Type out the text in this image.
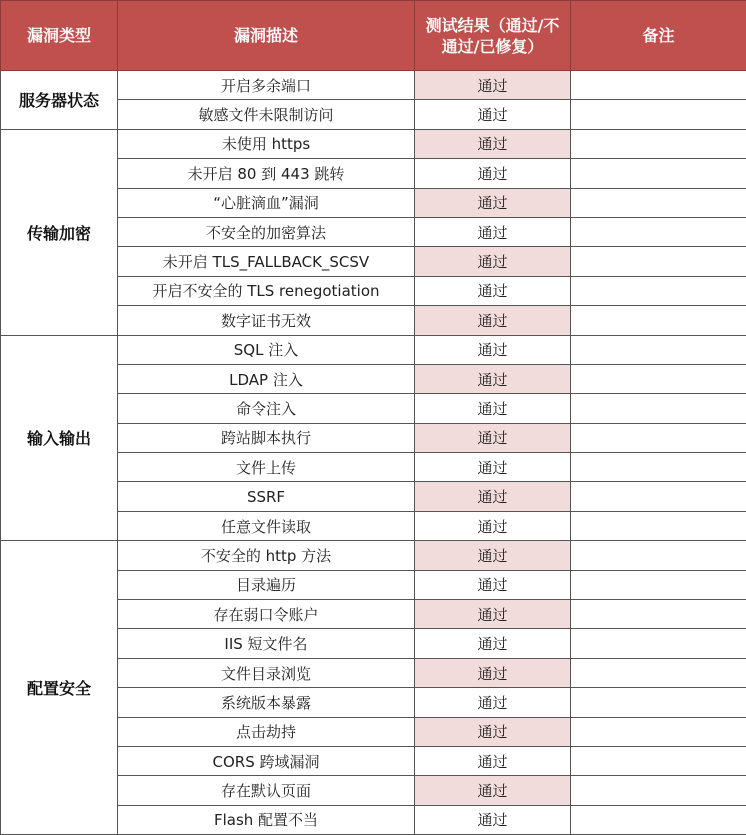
漏洞类型	漏洞描述	测试结果（通过/不通过/已修复）	备注
服务器状态	开启多余端口	通过	
	敏感文件未限制访问	通过	
传输加密	未使用 https	通过	
	未开启 80 到 443 跳转	通过	
	“心脏滴血”漏洞	通过	
	不安全的加密算法	通过	
	未开启 TLS_FALLBACK_SCSV	通过	
	开启不安全的 TLS renegotiation	通过	
	数字证书无效	通过	
输入输出	SQL 注入	通过	
	LDAP 注入	通过	
	命令注入	通过	
	跨站脚本执行	通过	
	文件上传	通过	
	SSRF	通过	
	任意文件读取	通过	
配置安全	不安全的 http 方法	通过	
	目录遍历	通过	
	存在弱口令账户	通过	
	IIS 短文件名	通过	
	文件目录浏览	通过	
	系统版本暴露	通过	
	点击劫持	通过	
	CORS 跨域漏洞	通过	
	存在默认页面	通过	
	Flash 配置不当	通过	
